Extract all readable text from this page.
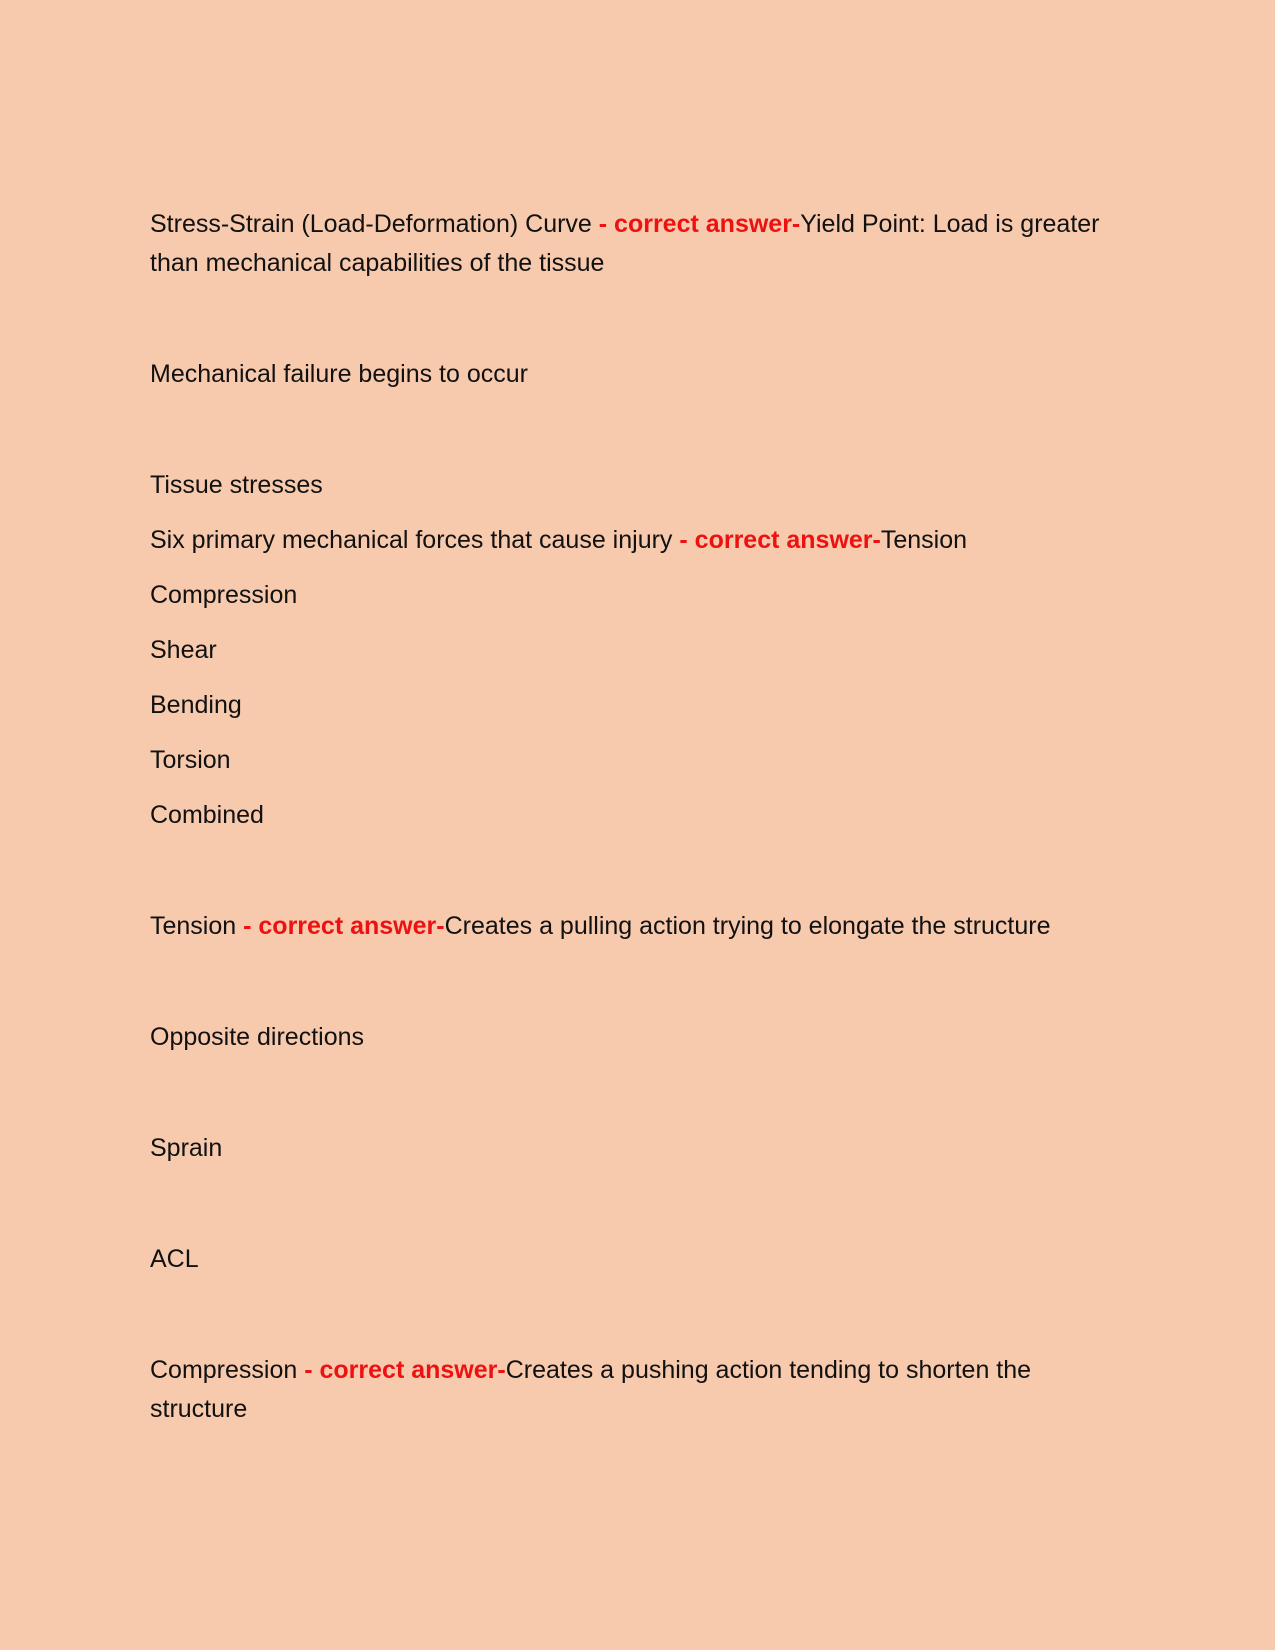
Stress-Strain (Load-Deformation) Curve - correct answer-Yield Point: Load is greater than mechanical capabilities of the tissue

Mechanical failure begins to occur

Tissue stresses

Six primary mechanical forces that cause injury - correct answer-Tension

Compression

Shear

Bending

Torsion

Combined

Tension - correct answer-Creates a pulling action trying to elongate the structure

Opposite directions

Sprain

ACL

Compression - correct answer-Creates a pushing action tending to shorten the structure
